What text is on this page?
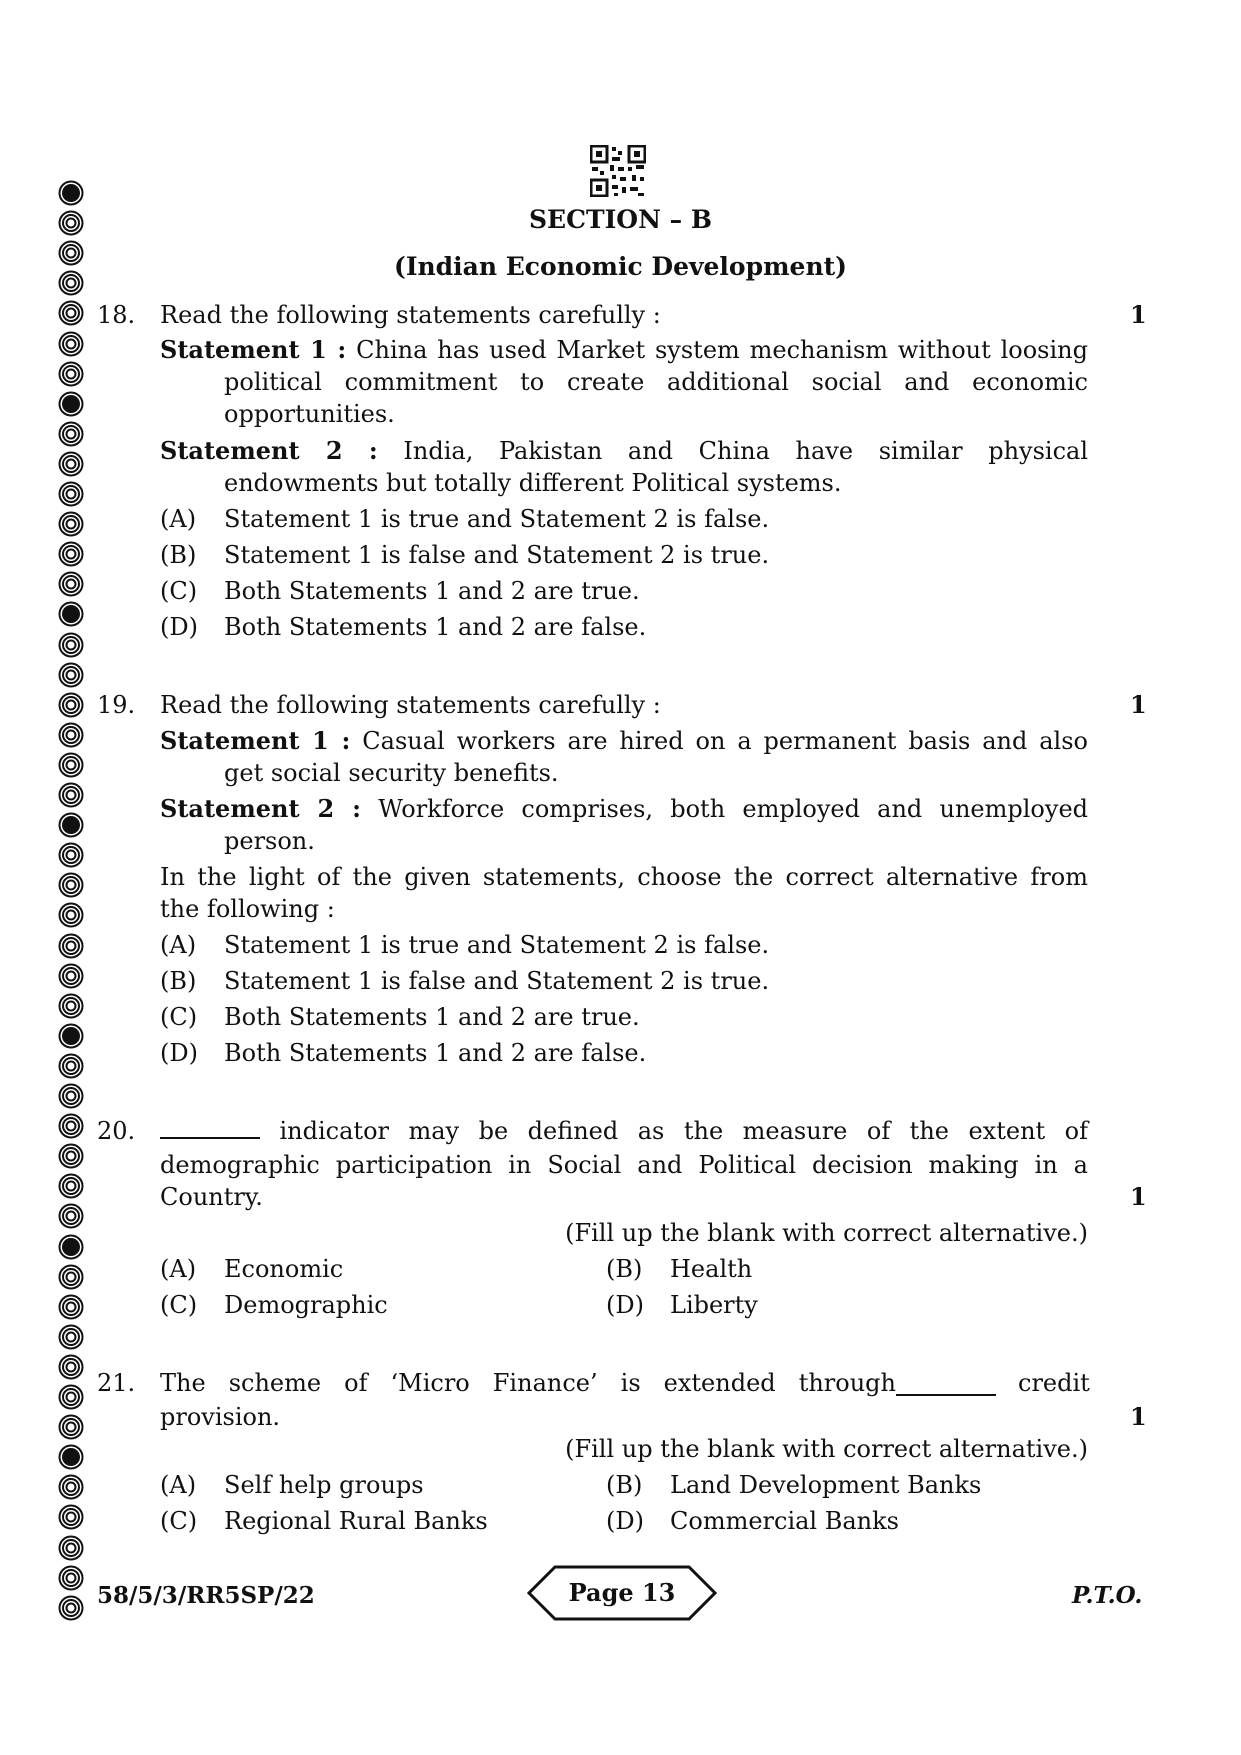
SECTION – B
(Indian Economic Development)
18.	1
Read the following statements carefully :
Statement 1 : China has used Market system mechanism without loosing
political commitment to create additional social and economic
opportunities.
Statement 2 : India, Pakistan and China have similar physical
endowments but totally different Political systems.
(A)	Statement 1 is true and Statement 2 is false.
(B)	Statement 1 is false and Statement 2 is true.
(C)	Both Statements 1 and 2 are true.
(D)	Both Statements 1 and 2 are false.
19.	1
Read the following statements carefully :
Statement 1 : Casual workers are hired on a permanent basis and also
get social security benefits.
Statement 2 : Workforce comprises, both employed and unemployed
person.
In the light of the given statements, choose the correct alternative from
the following :
(A)	Statement 1 is true and Statement 2 is false.
(B)	Statement 1 is false and Statement 2 is true.
(C)	Both Statements 1 and 2 are true.
(D)	Both Statements 1 and 2 are false.
20.	indicator may be defined as the measure of the extent of
demographic participation in Social and Political decision making in a
Country.	1
(Fill up the blank with correct alternative.)
(A)	Economic	(B)	Health
(C)	Demographic	(D)	Liberty
21. The scheme of ‘Micro Finance’ is extended through	credit
provision.	1
(Fill up the blank with correct alternative.)
(A)	Self help groups	(B)	Land Development Banks
(C)	Regional Rural Banks	(D)	Commercial Banks
58/5/3/RR5SP/22	Page 13	P.T.O.
